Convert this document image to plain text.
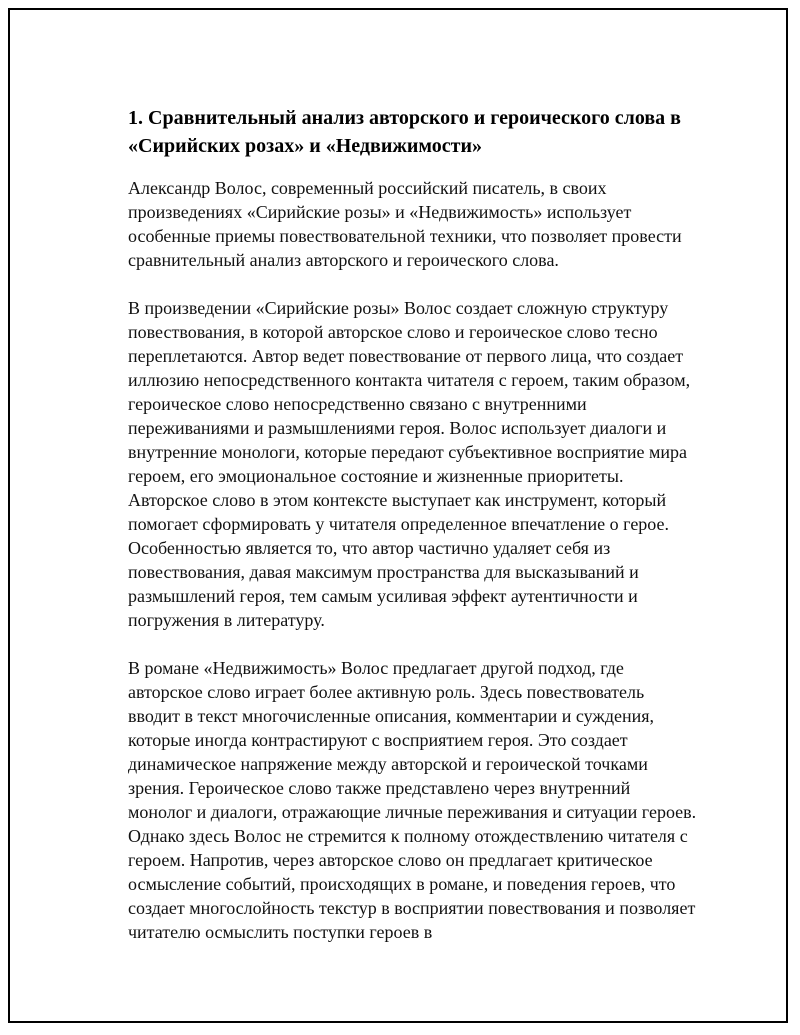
1. Сравнительный анализ авторского и героического слова в «Сирийских розах» и «Недвижимости»

Александр Волос, современный российский писатель, в своих произведениях «Сирийские розы» и «Недвижимость» использует особенные приемы повествовательной техники, что позволяет провести сравнительный анализ авторского и героического слова.

В произведении «Сирийские розы» Волос создает сложную структуру повествования, в которой авторское слово и героическое слово тесно переплетаются. Автор ведет повествование от первого лица, что создает иллюзию непосредственного контакта читателя с героем, таким образом, героическое слово непосредственно связано с внутренними переживаниями и размышлениями героя. Волос использует диалоги и внутренние монологи, которые передают субъективное восприятие мира героем, его эмоциональное состояние и жизненные приоритеты. Авторское слово в этом контексте выступает как инструмент, который помогает сформировать у читателя определенное впечатление о герое. Особенностью является то, что автор частично удаляет себя из повествования, давая максимум пространства для высказываний и размышлений героя, тем самым усиливая эффект аутентичности и погружения в литературу.

В романе «Недвижимость» Волос предлагает другой подход, где авторское слово играет более активную роль. Здесь повествователь вводит в текст многочисленные описания, комментарии и суждения, которые иногда контрастируют с восприятием героя. Это создает динамическое напряжение между авторской и героической точками зрения. Героическое слово также представлено через внутренний монолог и диалоги, отражающие личные переживания и ситуации героев. Однако здесь Волос не стремится к полному отождествлению читателя с героем. Напротив, через авторское слово он предлагает критическое осмысление событий, происходящих в романе, и поведения героев, что создает многослойность текстур в восприятии повествования и позволяет читателю осмыслить поступки героев в
